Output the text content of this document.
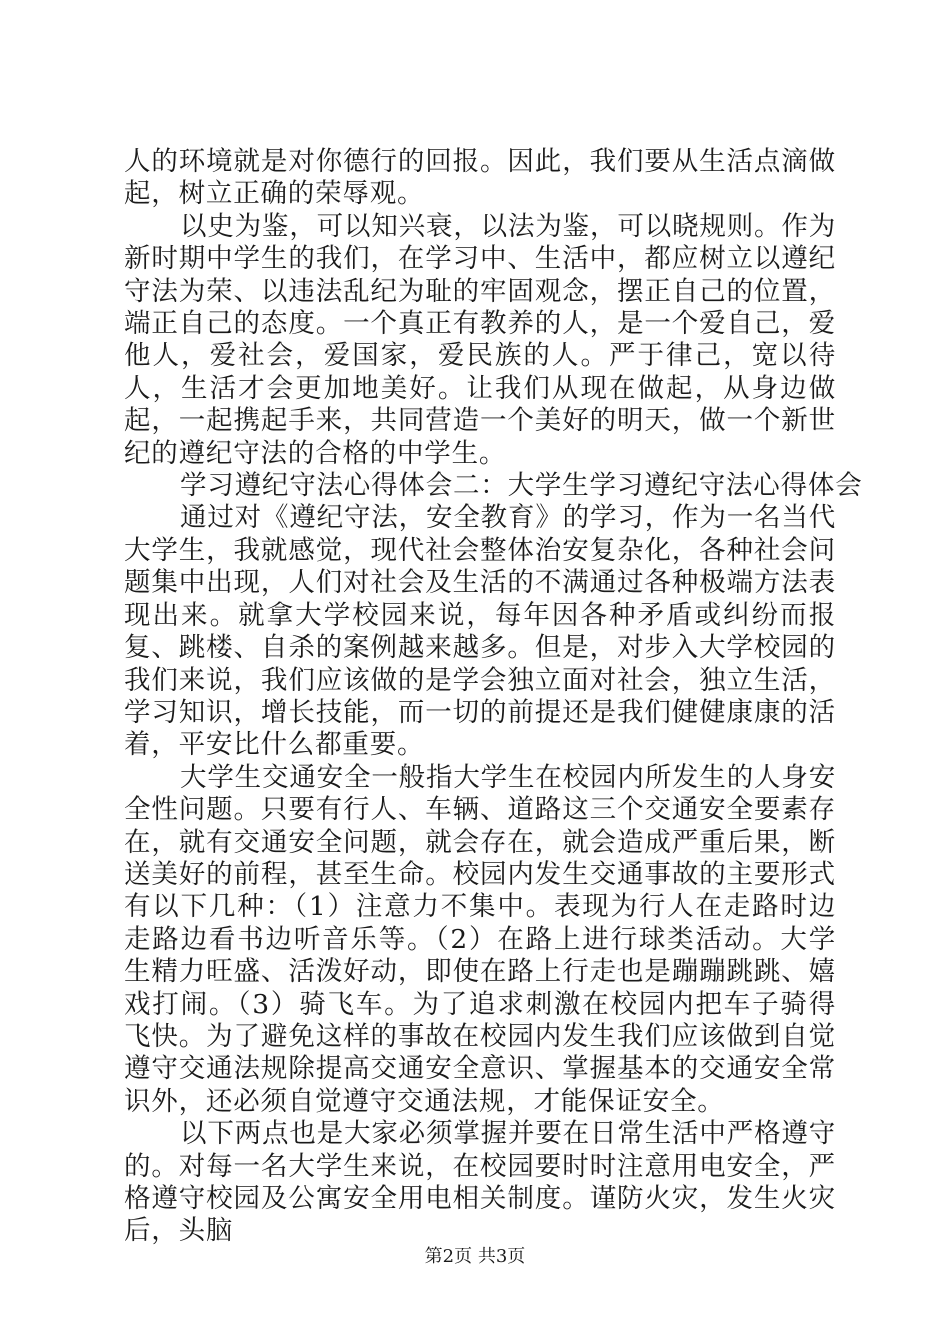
人的环境就是对你德行的回报。因此，我们要从生活点滴做起，树立正确的荣辱观。

以史为鉴，可以知兴衰，以法为鉴，可以晓规则。作为新时期中学生的我们，在学习中、生活中，都应树立以遵纪守法为荣、以违法乱纪为耻的牢固观念，摆正自己的位置，端正自己的态度。一个真正有教养的人，是一个爱自己，爱他人，爱社会，爱国家，爱民族的人。严于律己，宽以待人，生活才会更加地美好。让我们从现在做起，从身边做起，一起携起手来，共同营造一个美好的明天，做一个新世纪的遵纪守法的合格的中学生。

学习遵纪守法心得体会二：大学生学习遵纪守法心得体会

通过对《遵纪守法，安全教育》的学习，作为一名当代大学生，我就感觉，现代社会整体治安复杂化，各种社会问题集中出现，人们对社会及生活的不满通过各种极端方法表现出来。就拿大学校园来说，每年因各种矛盾或纠纷而报复、跳楼、自杀的案例越来越多。但是，对步入大学校园的我们来说，我们应该做的是学会独立面对社会，独立生活，学习知识，增长技能，而一切的前提还是我们健健康康的活着，平安比什么都重要。

大学生交通安全一般指大学生在校园内所发生的人身安全性问题。只要有行人、车辆、道路这三个交通安全要素存在，就有交通安全问题，就会存在，就会造成严重后果，断送美好的前程，甚至生命。校园内发生交通事故的主要形式有以下几种：（1）注意力不集中。表现为行人在走路时边走路边看书边听音乐等。（2）在路上进行球类活动。大学生精力旺盛、活泼好动，即使在路上行走也是蹦蹦跳跳、嬉戏打闹。（3）骑飞车。为了追求刺激在校园内把车子骑得飞快。为了避免这样的事故在校园内发生我们应该做到自觉遵守交通法规除提高交通安全意识、掌握基本的交通安全常识外，还必须自觉遵守交通法规，才能保证安全。

以下两点也是大家必须掌握并要在日常生活中严格遵守的。对每一名大学生来说，在校园要时时注意用电安全，严格遵守校园及公寓安全用电相关制度。谨防火灾，发生火灾后，头脑

第2页 共3页
